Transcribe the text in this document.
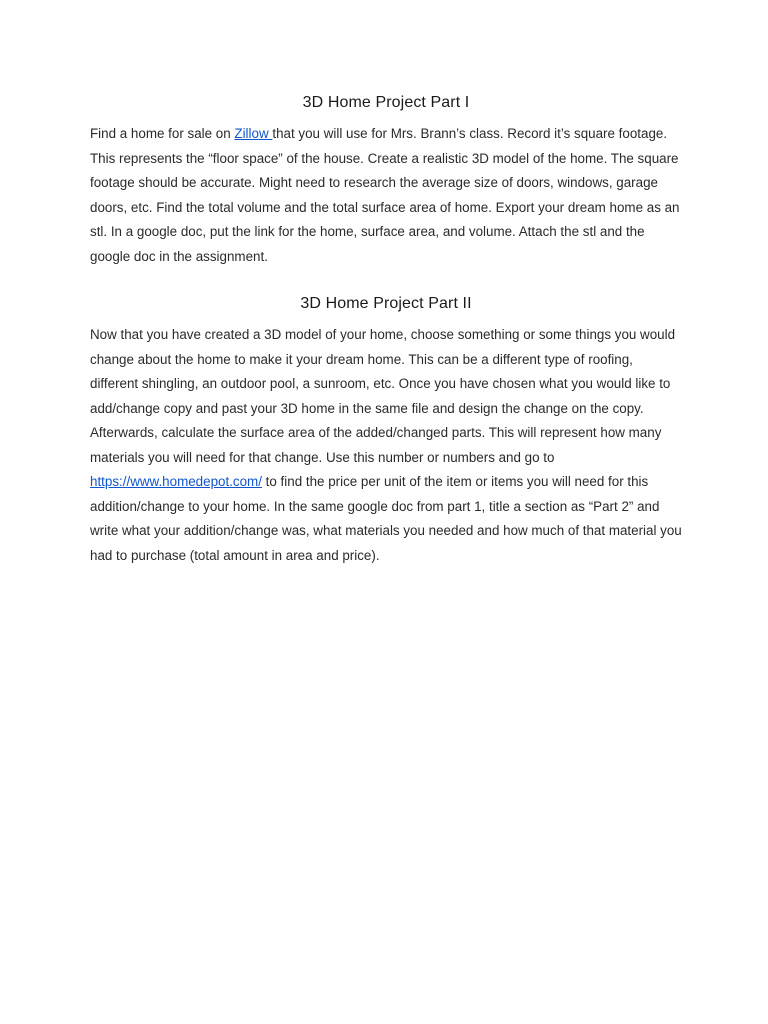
3D Home Project Part I

Find a home for sale on Zillow that you will use for Mrs. Brann’s class. Record it’s square footage. This represents the “floor space” of the house. Create a realistic 3D model of the home. The square footage should be accurate. Might need to research the average size of doors, windows, garage doors, etc. Find the total volume and the total surface area of home. Export your dream home as an stl. In a google doc, put the link for the home, surface area, and volume. Attach the stl and the google doc in the assignment.

3D Home Project Part II

Now that you have created a 3D model of your home, choose something or some things you would change about the home to make it your dream home. This can be a different type of roofing, different shingling, an outdoor pool, a sunroom, etc. Once you have chosen what you would like to add/change copy and past your 3D home in the same file and design the change on the copy. Afterwards, calculate the surface area of the added/changed parts. This will represent how many materials you will need for that change. Use this number or numbers and go to https://www.homedepot.com/ to find the price per unit of the item or items you will need for this addition/change to your home. In the same google doc from part 1, title a section as “Part 2” and write what your addition/change was, what materials you needed and how much of that material you had to purchase (total amount in area and price).
